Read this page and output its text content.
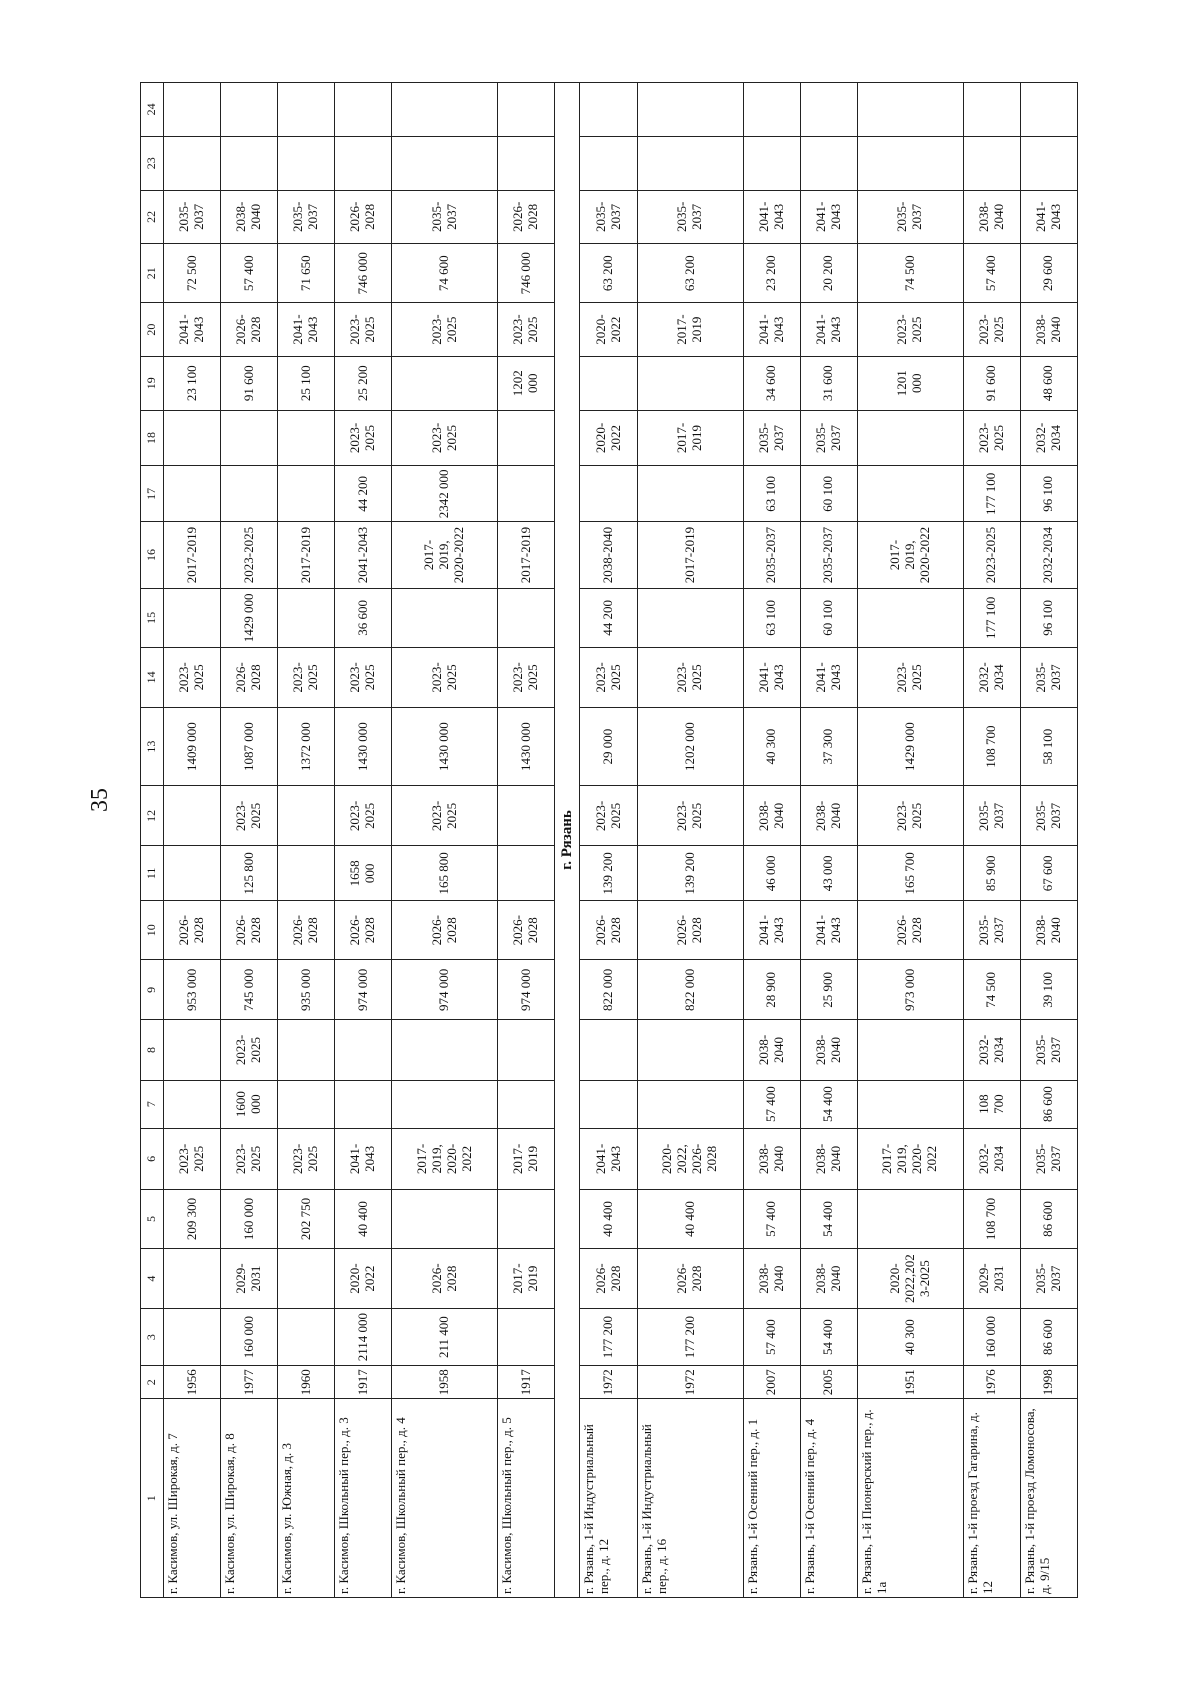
35
1	2	3	4	5	6	7	8	9	10	11	12	13	14	15	16	17	18	19	20	21	22	23	24
г. Касимов, ул. Широкая, д. 7	1956			209 300	2023-2025			953 000	2026-2028			1409 000	2023-2025		2017-2019			23 100	2041-2043	72 500	2035-2037		
г. Касимов, ул. Широкая, д. 8	1977	160 000	2029-2031	160 000	2023-2025	1600 000	2023-2025	745 000	2026-2028	125 800	2023-2025	1087 000	2026-2028	1429 000	2023-2025			91 600	2026-2028	57 400	2038-2040		
г. Касимов, ул. Южная, д. 3	1960			202 750	2023-2025			935 000	2026-2028			1372 000	2023-2025		2017-2019			25 100	2041-2043	71 650	2035-2037		
г. Касимов, Школьный пер., д. 3	1917	2114 000	2020-2022	40 400	2041-2043			974 000	2026-2028	1658 000	2023-2025	1430 000	2023-2025	36 600	2041-2043	44 200	2023-2025	25 200	2023-2025	746 000	2026-2028		
г. Касимов, Школьный пер., д. 4	1958	211 400	2026-2028		2017-2019, 2020-2022			974 000	2026-2028	165 800	2023-2025	1430 000	2023-2025		2017-2019, 2020-2022	2342 000	2023-2025		2023-2025	74 600	2035-2037		
г. Касимов, Школьный пер., д. 5	1917		2017-2019		2017-2019			974 000	2026-2028			1430 000	2023-2025		2017-2019			1202 000	2023-2025	746 000	2026-2028		
г. Рязань																							
г. Рязань, 1-й Индустриальный пер., д. 12	1972	177 200	2026-2028	40 400	2041-2043			822 000	2026-2028	139 200	2023-2025	29 000	2023-2025	44 200	2038-2040		2020-2022		2020-2022	63 200	2035-2037		
г. Рязань, 1-й Индустриальный пер., д. 16	1972	177 200	2026-2028	40 400	2020-2022, 2026-2028			822 000	2026-2028	139 200	2023-2025	1202 000	2023-2025		2017-2019		2017-2019		2017-2019	63 200	2035-2037		
г. Рязань, 1-й Осенний пер., д. 1	2007	57 400	2038-2040	57 400	2038-2040	57 400	2038-2040	28 900	2041-2043	46 000	2038-2040	40 300	2041-2043	63 100	2035-2037	63 100	2035-2037	34 600	2041-2043	23 200	2041-2043		
г. Рязань, 1-й Осенний пер., д. 4	2005	54 400	2038-2040	54 400	2038-2040	54 400	2038-2040	25 900	2041-2043	43 000	2038-2040	37 300	2041-2043	60 100	2035-2037	60 100	2035-2037	31 600	2041-2043	20 200	2041-2043		
г. Рязань, 1-й Пионерский пер., д. 1а	1951	40 300	2020-2022,2023-2025		2017-2019, 2020-2022			973 000	2026-2028	165 700	2023-2025	1429 000	2023-2025		2017-2019, 2020-2022			1201 000	2023-2025	74 500	2035-2037		
г. Рязань, 1-й проезд Гагарина, д. 12	1976	160 000	2029-2031	108 700	2032-2034	108 700	2032-2034	74 500	2035-2037	85 900	2035-2037	108 700	2032-2034	177 100	2023-2025	177 100	2023-2025	91 600	2023-2025	57 400	2038-2040		
г. Рязань, 1-й проезд Ломоносова, д. 9/15	1998	86 600	2035-2037	86 600	2035-2037	86 600	2035-2037	39 100	2038-2040	67 600	2035-2037	58 100	2035-2037	96 100	2032-2034	96 100	2032-2034	48 600	2038-2040	29 600	2041-2043		
